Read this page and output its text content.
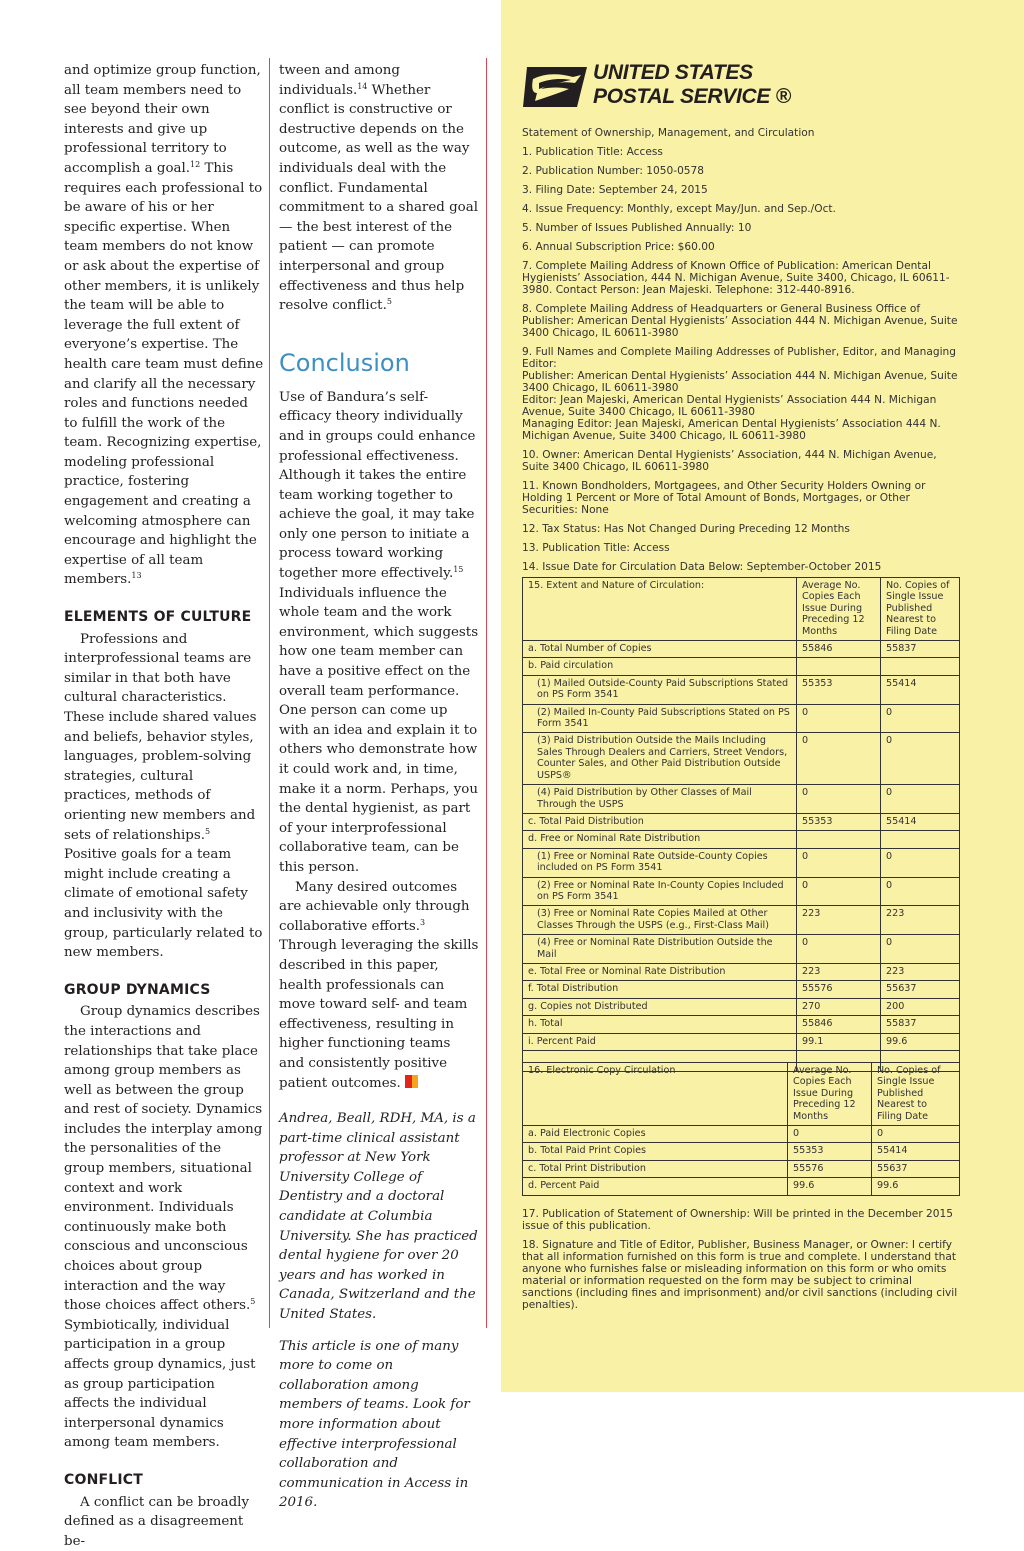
and optimize group function, all team members need to see beyond their own interests and give up professional territory to accomplish a goal.$^{12}$ This requires each professional to be aware of his or her specific expertise. When team members do not know or ask about the expertise of other members, it is unlikely the team will be able to leverage the full extent of everyone’s expertise. The health care team must define and clarify all the necessary roles and functions needed to fulfill the work of the team. Recognizing expertise, modeling professional practice, fostering engagement and creating a welcoming atmosphere can encourage and highlight the expertise of all team members.$^{13}$

ELEMENTS OF CULTURE

Professions and interprofessional teams are similar in that both have cultural characteristics. These include shared values and beliefs, behavior styles, languages, problem-solving strategies, cultural practices, methods of orienting new members and sets of relationships.$^5$ Positive goals for a team might include creating a climate of emotional safety and inclusivity with the group, particularly related to new members.

GROUP DYNAMICS

Group dynamics describes the interactions and relationships that take place among group members as well as between the group and rest of society. Dynamics includes the interplay among the personalities of the group members, situational context and work environment. Individuals continuously make both conscious and unconscious choices about group interaction and the way those choices affect others.$^5$ Symbiotically, individual participation in a group affects group dynamics, just as group participation affects the individual interpersonal dynamics among team members.

CONFLICT

A conflict can be broadly defined as a disagreement be-

tween and among individuals.$^{14}$ Whether conflict is constructive or destructive depends on the outcome, as well as the way individuals deal with the conflict. Fundamental commitment to a shared goal — the best interest of the patient — can promote interpersonal and group effectiveness and thus help resolve conflict.$^5$

Conclusion

Use of Bandura’s self-efficacy theory individually and in groups could enhance professional effectiveness. Although it takes the entire team working together to achieve the goal, it may take only one person to initiate a process toward working together more effectively.$^{15}$ Individuals influence the whole team and the work environment, which suggests how one team member can have a positive effect on the overall team performance. One person can come up with an idea and explain it to others who demonstrate how it could work and, in time, make it a norm. Perhaps, you the dental hygienist, as part of your interprofessional collaborative team, can be this person.

Many desired outcomes are achievable only through collaborative efforts.$^3$ Through leveraging the skills described in this paper, health professionals can move toward self- and team effectiveness, resulting in higher functioning teams and consistently positive patient outcomes.

Andrea, Beall, RDH, MA, is a part-time clinical assistant professor at New York University College of Dentistry and a doctoral candidate at Columbia University. She has practiced dental hygiene for over 20 years and has worked in Canada, Switzerland and the United States.

This article is one of many more to come on collaboration among members of teams. Look for more information about effective interprofessional collaboration and communication in Access in 2016.

UNITED STATES
POSTAL SERVICE ®

Statement of Ownership, Management, and Circulation

1. Publication Title: Access

2. Publication Number: 1050-0578

3. Filing Date: September 24, 2015

4. Issue Frequency: Monthly, except May/Jun. and Sep./Oct.

5. Number of Issues Published Annually: 10

6. Annual Subscription Price: $60.00

7. Complete Mailing Address of Known Office of Publication: American Dental Hygienists’ Association, 444 N. Michigan Avenue, Suite 3400, Chicago, IL 60611-3980. Contact Person: Jean Majeski. Telephone: 312-440-8916.

8. Complete Mailing Address of Headquarters or General Business Office of Publisher: American Dental Hygienists’ Association 444 N. Michigan Avenue, Suite 3400 Chicago, IL 60611-3980

9. Full Names and Complete Mailing Addresses of Publisher, Editor, and Managing Editor:

Publisher: American Dental Hygienists’ Association 444 N. Michigan Avenue, Suite 3400 Chicago, IL 60611-3980

Editor: Jean Majeski, American Dental Hygienists’ Association 444 N. Michigan Avenue, Suite 3400 Chicago, IL 60611-3980

Managing Editor: Jean Majeski, American Dental Hygienists’ Association 444 N. Michigan Avenue, Suite 3400 Chicago, IL 60611-3980

10. Owner: American Dental Hygienists’ Association, 444 N. Michigan Avenue, Suite 3400 Chicago, IL 60611-3980

11. Known Bondholders, Mortgagees, and Other Security Holders Owning or Holding 1 Percent or More of Total Amount of Bonds, Mortgages, or Other Securities: None

12. Tax Status: Has Not Changed During Preceding 12 Months

13. Publication Title: Access

14. Issue Date for Circulation Data Below: September-October 2015

15. Extent and Nature of Circulation:	Average No. Copies Each Issue During Preceding 12 Months	No. Copies of Single Issue Published Nearest to Filing Date
a. Total Number of Copies	55846	55837
b. Paid circulation		
(1) Mailed Outside-County Paid Subscriptions Stated on PS Form 3541	55353	55414
(2) Mailed In-County Paid Subscriptions Stated on PS Form 3541	0	0
(3) Paid Distribution Outside the Mails Including Sales Through Dealers and Carriers, Street Vendors, Counter Sales, and Other Paid Distribution Outside USPS®	0	0
(4) Paid Distribution by Other Classes of Mail Through the USPS	0	0
c. Total Paid Distribution	55353	55414
d. Free or Nominal Rate Distribution		
(1) Free or Nominal Rate Outside-County Copies included on PS Form 3541	0	0
(2) Free or Nominal Rate In-County Copies Included on PS Form 3541	0	0
(3) Free or Nominal Rate Copies Mailed at Other Classes Through the USPS (e.g., First-Class Mail)	223	223
(4) Free or Nominal Rate Distribution Outside the Mail	0	0
e. Total Free or Nominal Rate Distribution	223	223
f. Total Distribution	55576	55637
g. Copies not Distributed	270	200
h. Total	55846	55837
i. Percent Paid	99.1	99.6

16. Electronic Copy Circulation	Average No. Copies Each Issue During Preceding 12 Months	No. Copies of Single Issue Published Nearest to Filing Date
a. Paid Electronic Copies	0	0
b. Total Paid Print Copies	55353	55414
c. Total Print Distribution	55576	55637
d. Percent Paid	99.6	99.6

17. Publication of Statement of Ownership: Will be printed in the December 2015 issue of this publication.

18. Signature and Title of Editor, Publisher, Business Manager, or Owner: I certify that all information furnished on this form is true and complete. I understand that anyone who furnishes false or misleading information on this form or who omits material or information requested on the form may be subject to criminal sanctions (including fines and imprisonment) and/or civil sanctions (including civil penalties).
